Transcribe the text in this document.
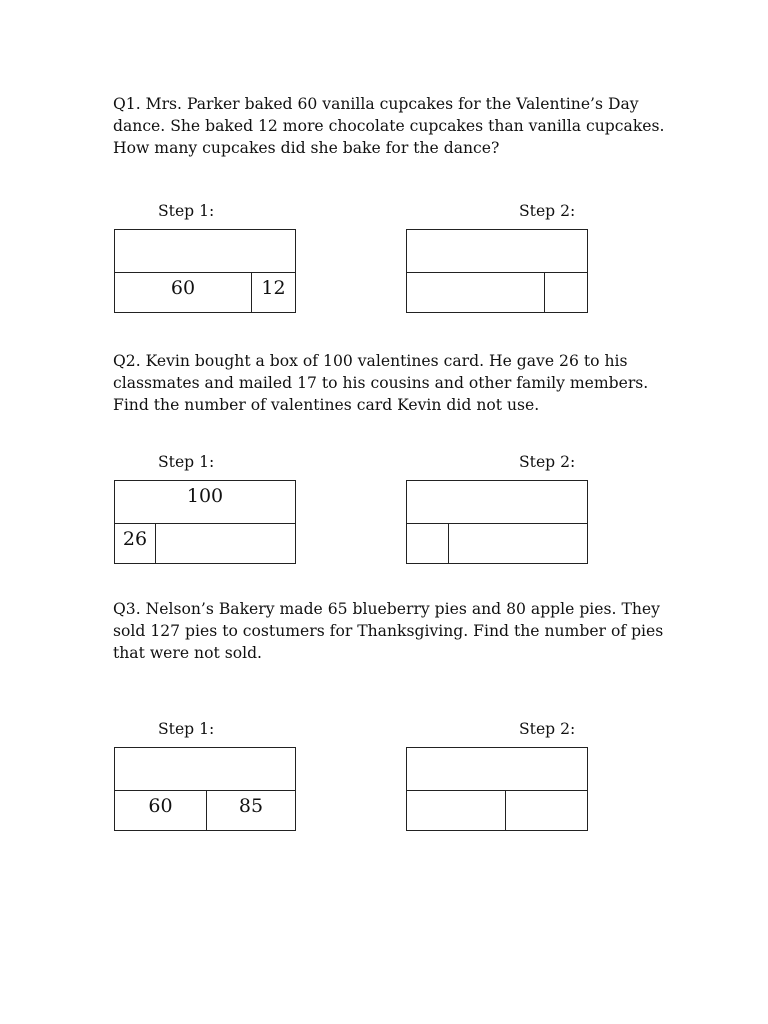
Q1. Mrs. Parker baked 60 vanilla cupcakes for the Valentine’s Day dance. She baked 12 more chocolate cupcakes than vanilla cupcakes. How many cupcakes did she bake for the dance?
Step 1:	Step 2:
60	12
Q2. Kevin bought a box of 100 valentines card. He gave 26 to his classmates and mailed 17 to his cousins and other family members. Find the number of valentines card Kevin did not use.
Step 1:	Step 2:
100
26
Q3. Nelson’s Bakery made 65 blueberry pies and 80 apple pies. They sold 127 pies to costumers for Thanksgiving. Find the number of pies that were not sold.
Step 1:	Step 2:
60	85
